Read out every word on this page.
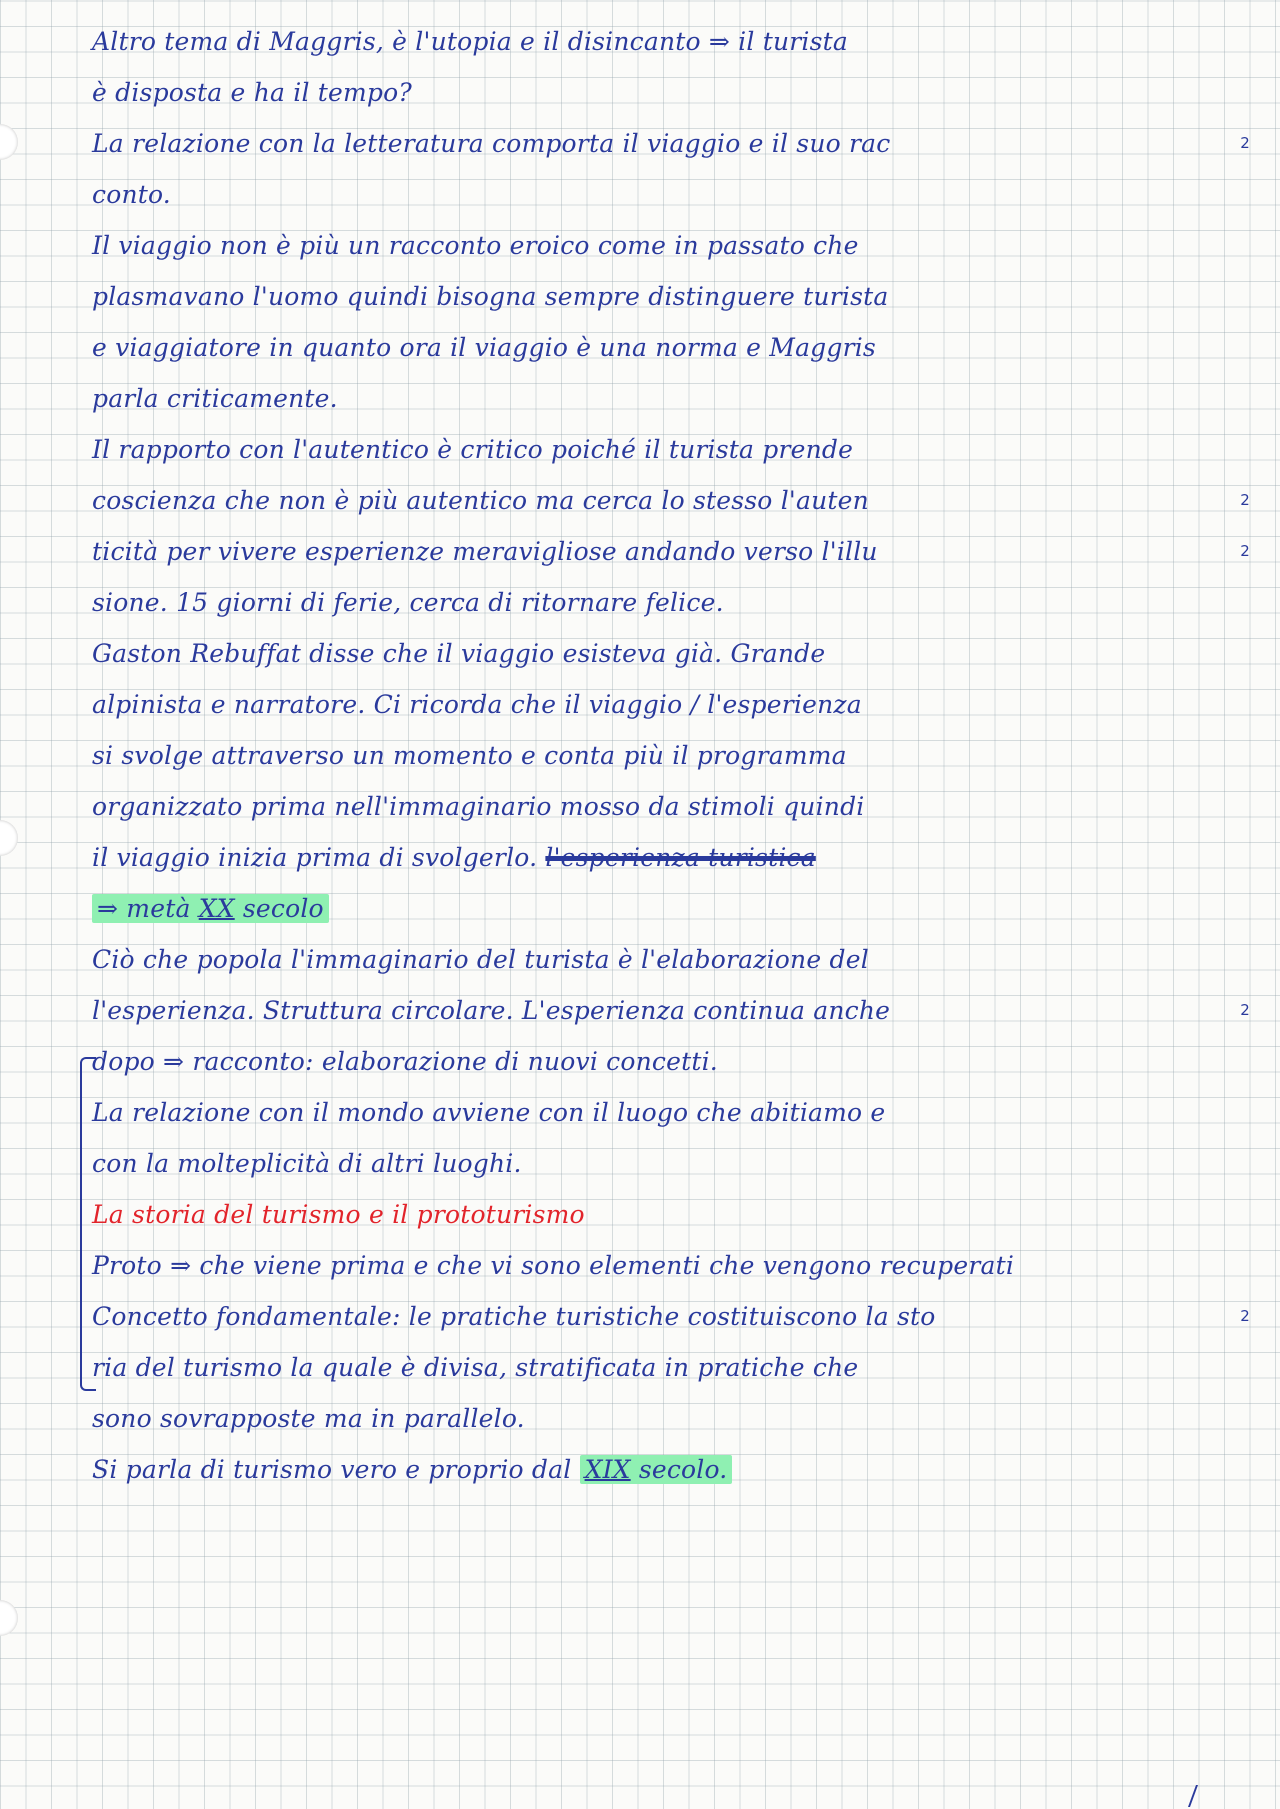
Altro tema di Maggris, è l'utopia e il disincanto ⇒ il turista
è disposta e ha il tempo?
La relazione con la letteratura comporta il viaggio e il suo rac	2
conto.
Il viaggio non è più un racconto eroico come in passato che
plasmavano l'uomo quindi bisogna sempre distinguere turista
e viaggiatore in quanto ora il viaggio è una norma e Maggris
parla criticamente.
Il rapporto con l'autentico è critico poiché il turista prende
coscienza che non è più autentico ma cerca lo stesso l'auten	2
ticità per vivere esperienze meravigliose andando verso l'illu	2
sione. 15 giorni di ferie, cerca di ritornare felice.
Gaston Rebuffat disse che il viaggio esisteva già. Grande
alpinista e narratore. Ci ricorda che il viaggio / l'esperienza
si svolge attraverso un momento e conta più il programma
organizzato prima nell'immaginario mosso da stimoli quindi
il viaggio inizia prima di svolgerlo. l'esperienza turistica
⇒ metà XX secolo
Ciò che popola l'immaginario del turista è l'elaborazione del
l'esperienza. Struttura circolare. L'esperienza continua anche	2
dopo ⇒ racconto: elaborazione di nuovi concetti.
La relazione con il mondo avviene con il luogo che abitiamo e
con la molteplicità di altri luoghi.
La storia del turismo e il prototurismo
Proto ⇒ che viene prima e che vi sono elementi che vengono recuperati
Concetto fondamentale: le pratiche turistiche costituiscono la sto	2
ria del turismo la quale è divisa, stratificata in pratiche che
sono sovrapposte ma in parallelo.
Si parla di turismo vero e proprio dal XIX secolo.
